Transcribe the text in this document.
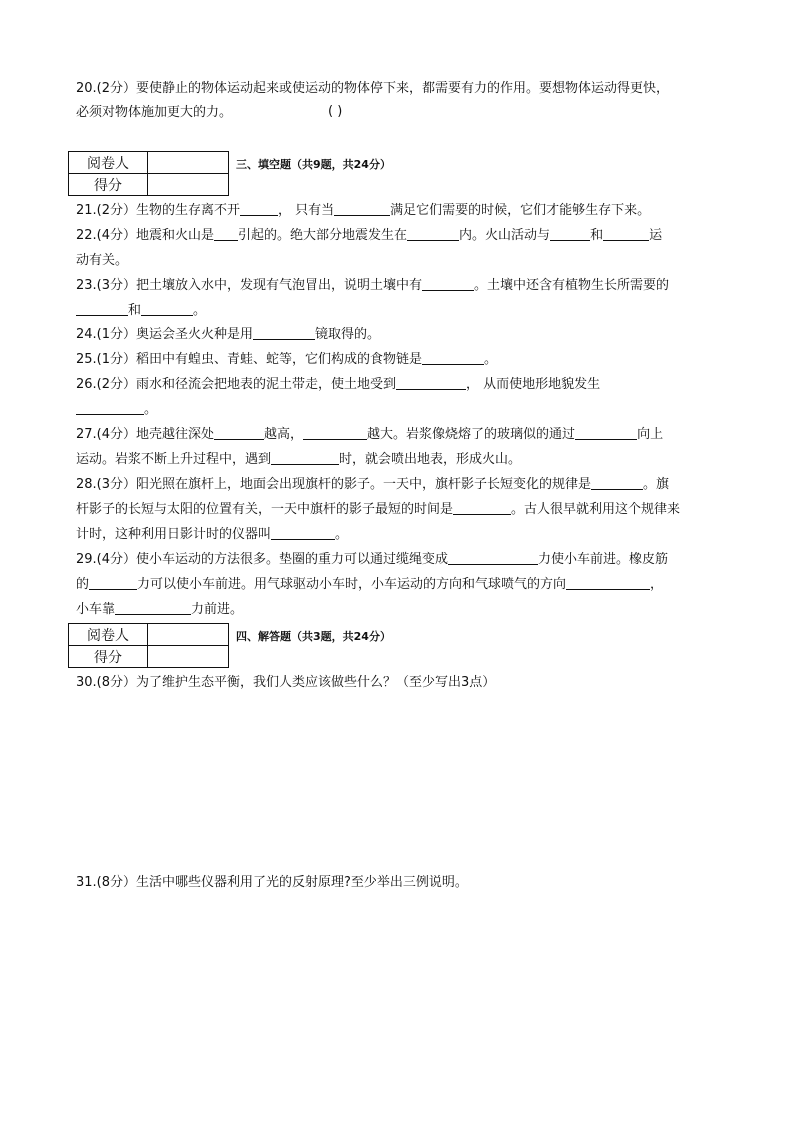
20.(2分）要使静止的物体运动起来或使运动的物体停下来，都需要有力的作用。要想物体运动得更快，
必须对物体施加更大的力。	( )
阅卷人	
得分	
三、填空题（共9题，共24分）
21.(2分）生物的生存离不开	， 只有当	满足它们需要的时候，它们才能够生存下来。
22.(4分）地震和火山是 引起的。绝大部分地震发生在	内。火山活动与	和	运
动有关。
23.(3分）把土壤放入水中，发现有气泡冒出，说明土壤中有	。土壤中还含有植物生长所需要的
和	。
24.(1分）奥运会圣火火种是用	镜取得的。
25.(1分）稻田中有蝗虫、青蛙、蛇等，它们构成的食物链是	。
26.(2分）雨水和径流会把地表的泥土带走，使土地受到	， 从而使地形地貌发生
。
27.(4分）地壳越往深处	越高，	越大。岩浆像烧熔了的玻璃似的通过	向上
运动。岩浆不断上升过程中，遇到	时，就会喷出地表，形成火山。
28.(3分）阳光照在旗杆上，地面会出现旗杆的影子。一天中，旗杆影子长短变化的规律是	。旗
杆影子的长短与太阳的位置有关，一天中旗杆的影子最短的时间是	。古人很早就利用这个规律来
计时，这种利用日影计时的仪器叫	。
29.(4分）使小车运动的方法很多。垫圈的重力可以通过缆绳变成	力使小车前进。橡皮筋
的	力可以使小车前进。用气球驱动小车时，小车运动的方向和气球喷气的方向	，
小车靠	力前进。
阅卷人	
得分	
四、解答题（共3题，共24分）
30.(8分）为了维护生态平衡，我们人类应该做些什么？（至少写出3点）
31.(8分）生活中哪些仪器利用了光的反射原理?至少举出三例说明。
